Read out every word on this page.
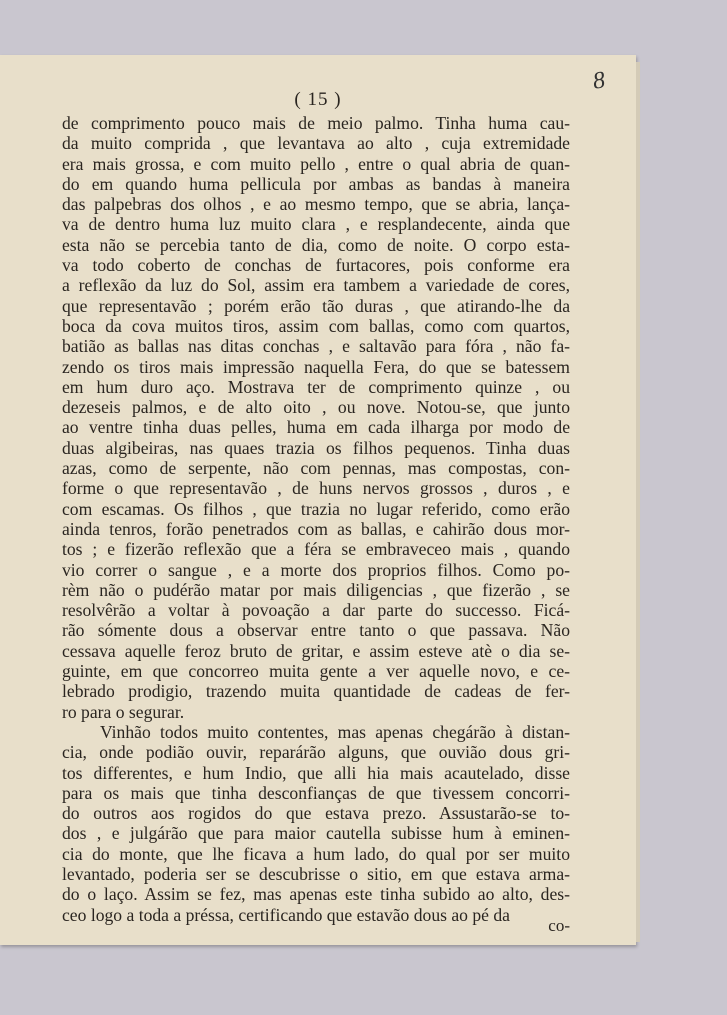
8
( 15 )
de comprimento pouco mais de meio palmo. Tinha huma cau-
da muito comprida , que levantava ao alto , cuja extremidade
era mais grossa, e com muito pello , entre o qual abria de quan-
do em quando huma pellicula por ambas as bandas à maneira
das palpebras dos olhos , e ao mesmo tempo, que se abria, lança-
va de dentro huma luz muito clara , e resplandecente, ainda que
esta não se percebia tanto de dia, como de noite. O corpo esta-
va todo coberto de conchas de furtacores, pois conforme era
a reflexão da luz do Sol, assim era tambem a variedade de cores,
que representavão ; porém erão tão duras , que atirando-lhe da
boca da cova muitos tiros, assim com ballas, como com quartos,
batião as ballas nas ditas conchas , e saltavão para fóra , não fa-
zendo os tiros mais impressão naquella Fera, do que se batessem
em hum duro aço. Mostrava ter de comprimento quinze , ou
dezeseis palmos, e de alto oito , ou nove. Notou-se, que junto
ao ventre tinha duas pelles, huma em cada ilharga por modo de
duas algibeiras, nas quaes trazia os filhos pequenos. Tinha duas
azas, como de serpente, não com pennas, mas compostas, con-
forme o que representavão , de huns nervos grossos , duros , e
com escamas. Os filhos , que trazia no lugar referido, como erão
ainda tenros, forão penetrados com as ballas, e cahirão dous mor-
tos ; e fizerão reflexão que a féra se embraveceo mais , quando
vio correr o sangue , e a morte dos proprios filhos. Como po-
rèm não o pudérão matar por mais diligencias , que fizerão , se
resolvêrão a voltar à povoação a dar parte do successo. Ficá-
rão sómente dous a observar entre tanto o que passava. Não
cessava aquelle feroz bruto de gritar, e assim esteve atè o dia se-
guinte, em que concorreo muita gente a ver aquelle novo, e ce-
lebrado prodigio, trazendo muita quantidade de cadeas de fer-
ro para o segurar.
Vinhão todos muito contentes, mas apenas chegárão à distan-
cia, onde podião ouvir, reparárão alguns, que ouvião dous gri-
tos differentes, e hum Indio, que alli hia mais acautelado, disse
para os mais que tinha desconfianças de que tivessem concorri-
do outros aos rogidos do que estava prezo. Assustarão-se to-
dos , e julgárão que para maior cautella subisse hum à eminen-
cia do monte, que lhe ficava a hum lado, do qual por ser muito
levantado, poderia ser se descubrisse o sitio, em que estava arma-
do o laço. Assim se fez, mas apenas este tinha subido ao alto, des-
ceo logo a toda a préssa, certificando que estavão dous ao pé da
co-
